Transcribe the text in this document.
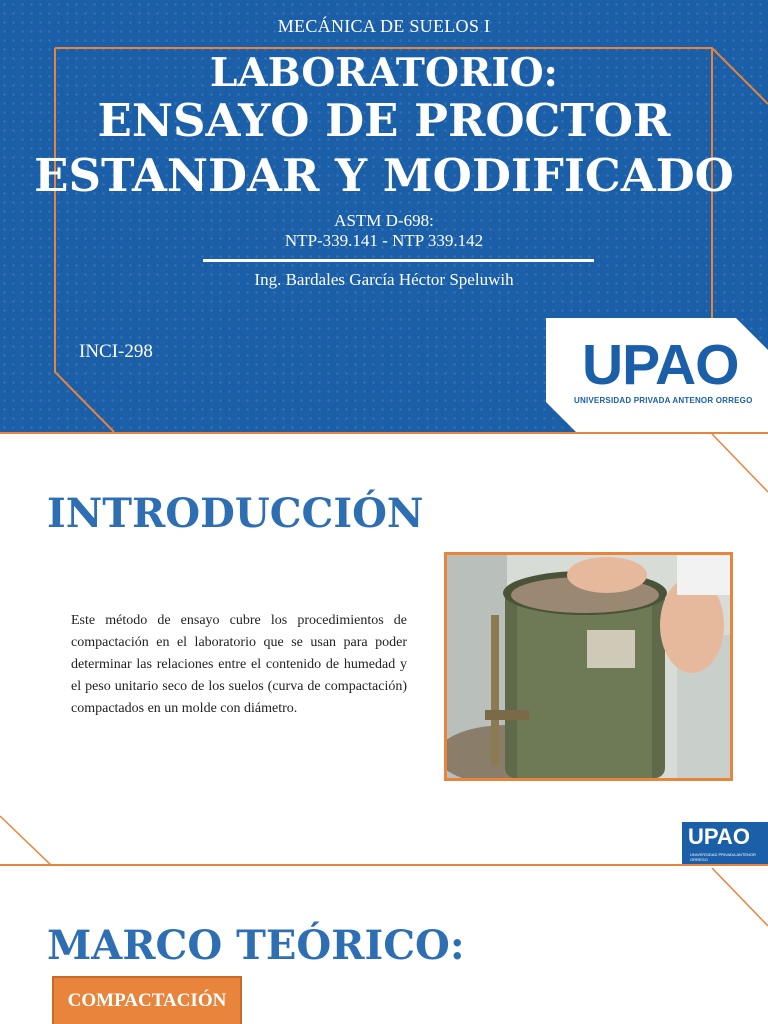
MECÁNICA DE SUELOS I
LABORATORIO:
ENSAYO DE PROCTOR
ESTANDAR Y MODIFICADO
ASTM D-698:
NTP-339.141 - NTP 339.142
Ing. Bardales García Héctor Speluwih
INCI-298	UPAO
UNIVERSIDAD PRIVADA ANTENOR ORREGO
INTRODUCCIÓN

Este método de ensayo cubre los procedimientos de compactación en el laboratorio que se usan para poder determinar las relaciones entre el contenido de humedad y el peso unitario seco de los suelos (curva de compactación) compactados en un molde con diámetro.

UPAO
UNIVERSIDAD PRIVADA ANTENOR ORREGO
MARCO TEÓRICO:
COMPACTACIÓN
